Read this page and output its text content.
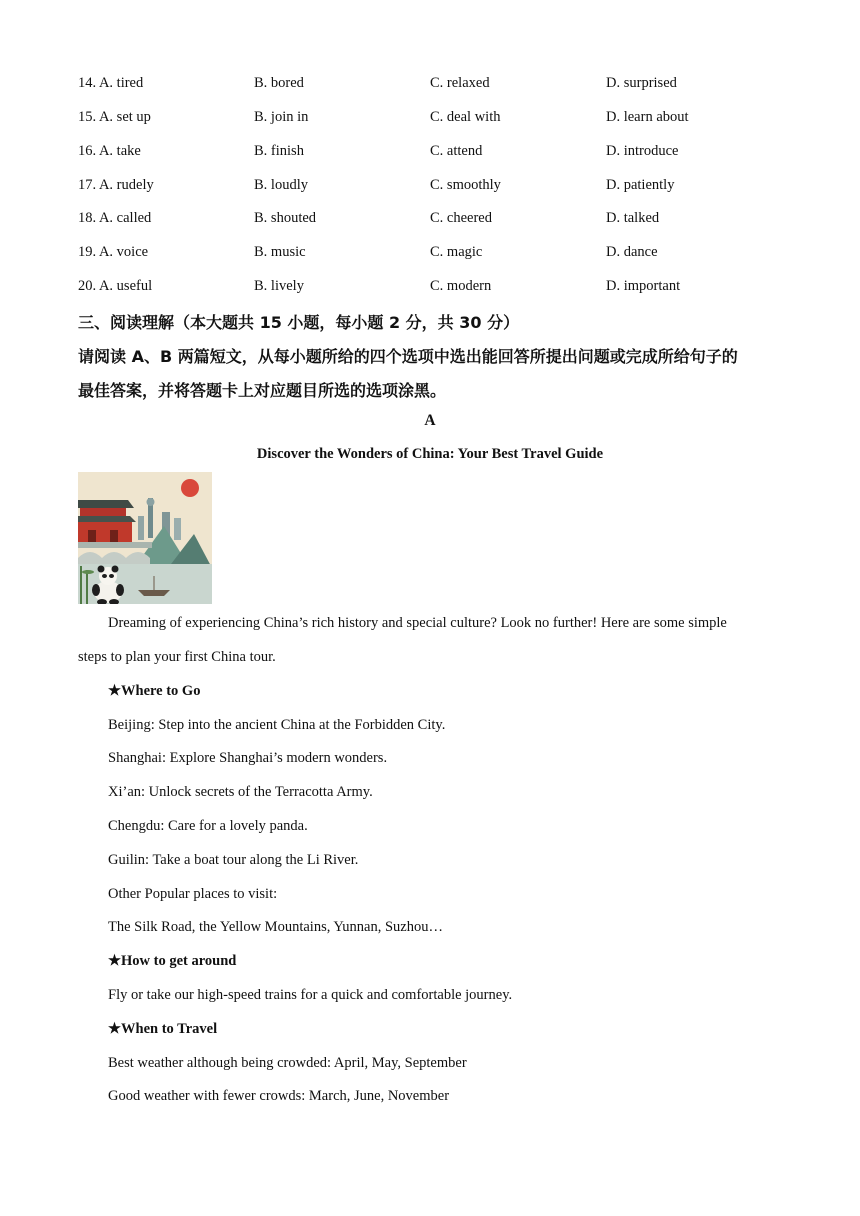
14. A. tired	B. bored	C. relaxed	D. surprised
15. A. set up	B. join in	C. deal with	D. learn about
16. A. take	B. finish	C. attend	D. introduce
17. A. rudely	B. loudly	C. smoothly	D. patiently
18. A. called	B. shouted	C. cheered	D. talked
19. A. voice	B. music	C. magic	D. dance
20. A. useful	B. lively	C. modern	D. important
三、阅读理解（本大题共 15 小题，每小题 2 分，共 30 分）
请阅读 A、B 两篇短文，从每小题所给的四个选项中选出能回答所提出问题或完成所给句子的
最佳答案，并将答题卡上对应题目所选的选项涂黑。
A
Discover the Wonders of China: Your Best Travel Guide
Dreaming of experiencing China’s rich history and special culture? Look no further! Here are some simple
steps to plan your first China tour.
★Where to Go
Beijing: Step into the ancient China at the Forbidden City.
Shanghai: Explore Shanghai’s modern wonders.
Xi’an: Unlock secrets of the Terracotta Army.
Chengdu: Care for a lovely panda.
Guilin: Take a boat tour along the Li River.
Other Popular places to visit:
The Silk Road, the Yellow Mountains, Yunnan, Suzhou…
★How to get around
Fly or take our high-speed trains for a quick and comfortable journey.
★When to Travel
Best weather although being crowded: April, May, September
Good weather with fewer crowds: March, June, November
